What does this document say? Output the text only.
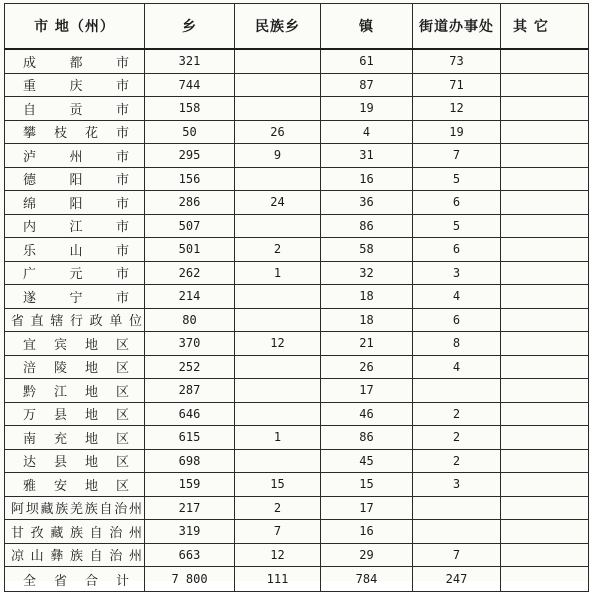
市 地（州）	乡	民族乡	镇	街道办事处	其 它
成都市	321		61	73	
重庆市	744		87	71	
自贡市	158		19	12	
攀枝花市	50	26	4	19	
泸州市	295	9	31	7	
德阳市	156		16	5	
绵阳市	286	24	36	6	
内江市	507		86	5	
乐山市	501	2	58	6	
广元市	262	1	32	3	
遂宁市	214		18	4	
省直辖行政单位	80		18	6	
宜宾地区	370	12	21	8	
涪陵地区	252		26	4	
黔江地区	287		17		
万县地区	646		46	2	
南充地区	615	1	86	2	
达县地区	698		45	2	
雅安地区	159	15	15	3	
阿坝藏族羌族自治州	217	2	17		
甘孜藏族自治州	319	7	16		
凉山彝族自治州	663	12	29	7	
全省合计	7 800	111	784	247	
